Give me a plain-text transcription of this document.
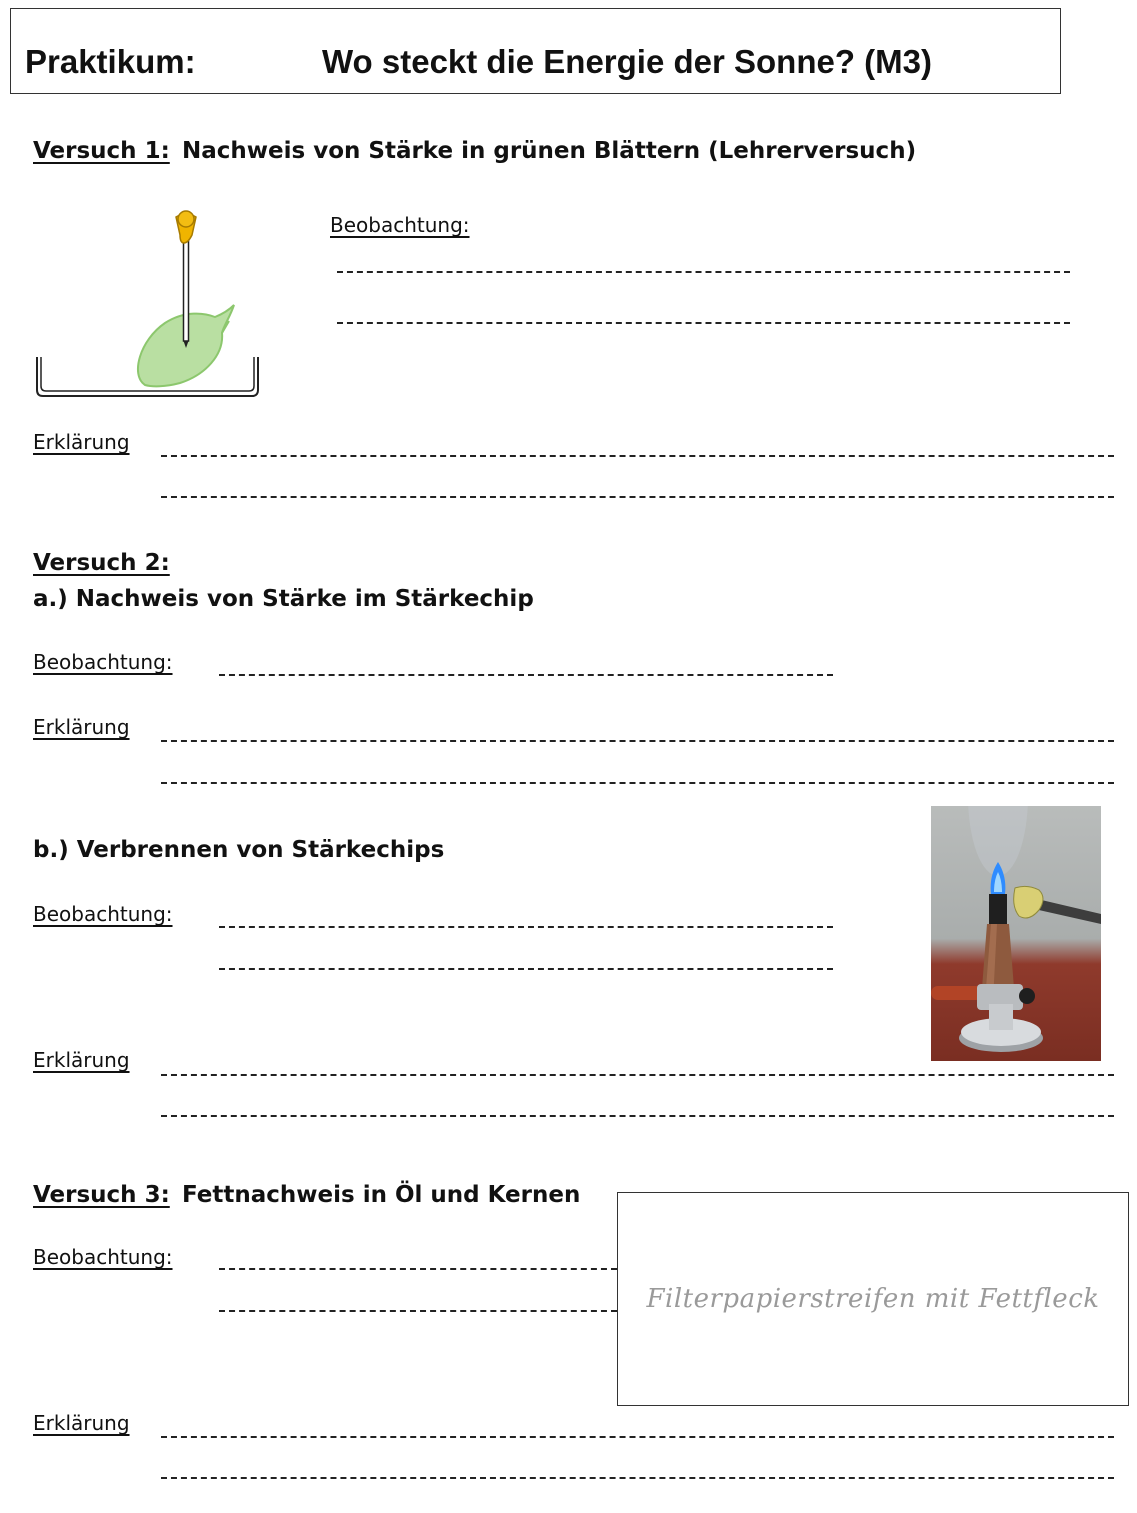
Praktikum:	Wo steckt die Energie der Sonne? (M3)
Versuch 1: Nachweis von Stärke in grünen Blättern (Lehrerversuch)
Beobachtung:
Erklärung
Versuch 2:
a.) Nachweis von Stärke im Stärkechip
Beobachtung:
Erklärung
b.) Verbrennen von Stärkechips
Beobachtung:
Erklärung
Versuch 3: Fettnachweis in Öl und Kernen
Beobachtung:
Filterpapierstreifen mit Fettfleck
Erklärung
